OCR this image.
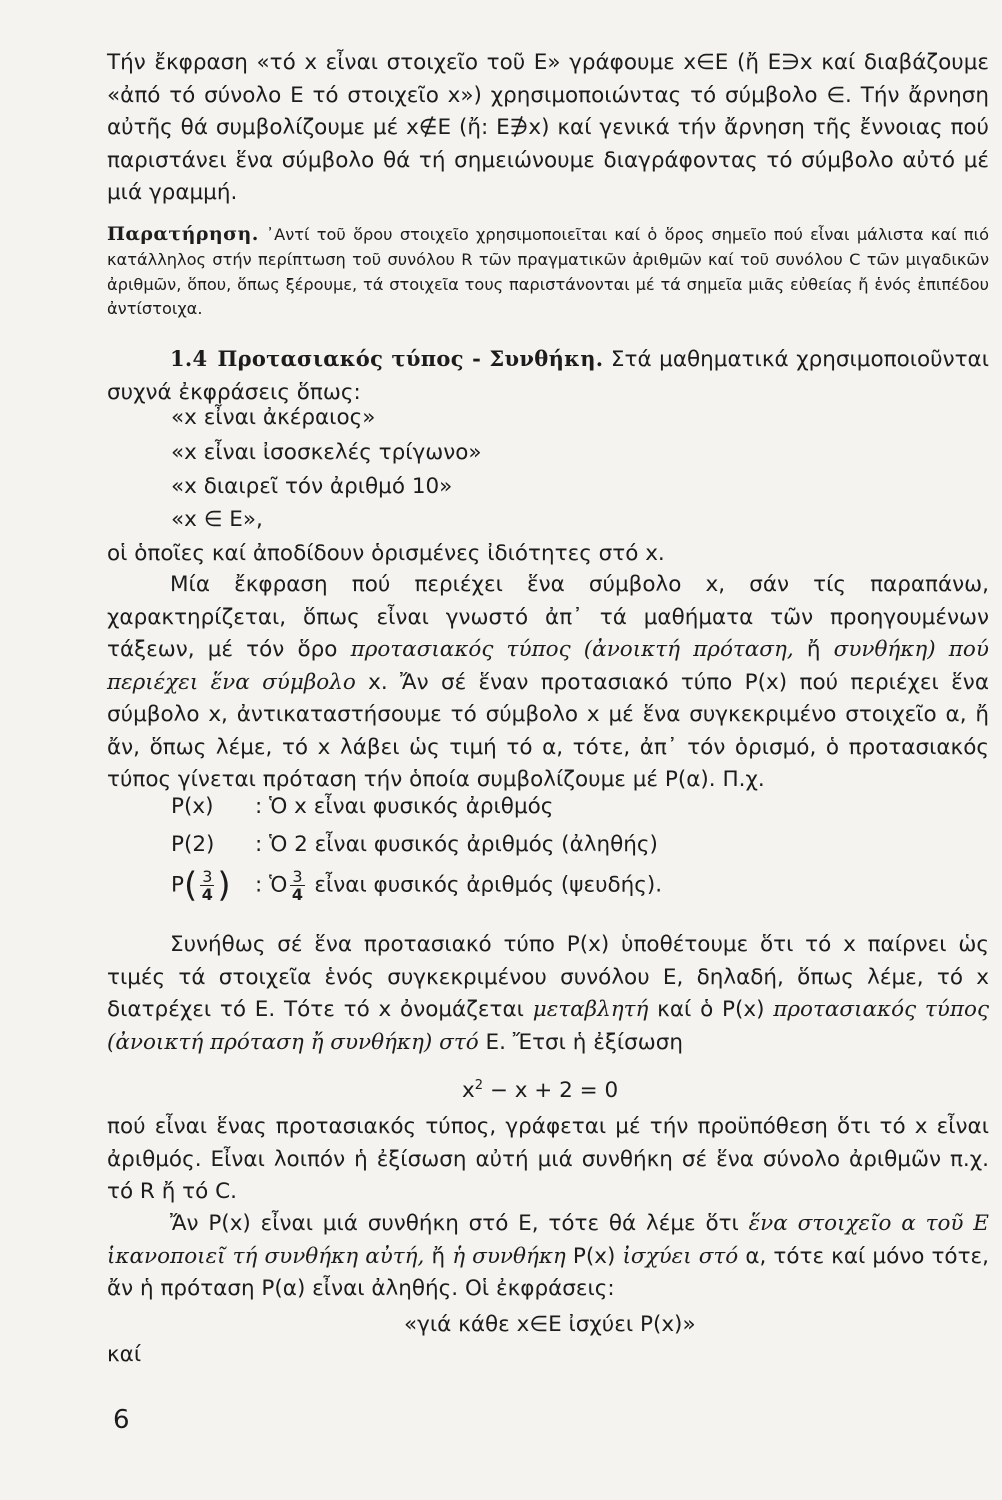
Τήν ἔκφραση «τό x εἶναι στοιχεῖο τοῦ Ε» γράφουμε x∈E (ἤ E∋x καί διαβάζουμε «ἀπό τό σύνολο Ε τό στοιχεῖο x») χρησιμοποιώντας τό σύμβολο ∈. Τήν ἄρνηση αὐτῆς θά συμβολίζουμε μέ x∉E (ἤ: E∌x) καί γενικά τήν ἄρνηση τῆς ἔννοιας πού παριστάνει ἕνα σύμβολο θά τή σημειώνουμε διαγράφοντας τό σύμβολο αὐτό μέ μιά γραμμή.

Παρατήρηση. ᾿Αντί τοῦ ὅρου στοιχεῖο χρησιμοποιεῖται καί ὁ ὅρος σημεῖο πού εἶναι μάλιστα καί πιό κατάλληλος στήν περίπτωση τοῦ συνόλου R τῶν πραγματικῶν ἀριθμῶν καί τοῦ συνόλου C τῶν μιγαδικῶν ἀριθμῶν, ὅπου, ὅπως ξέρουμε, τά στοιχεῖα τους παριστάνονται μέ τά σημεῖα μιᾶς εὐθείας ἤ ἑνός ἐπιπέδου ἀντίστοιχα.

1.4 Προτασιακός τύπος - Συνθήκη. Στά μαθηματικά χρησιμοποιοῦνται συχνά ἐκφράσεις ὅπως:

«x εἶναι ἀκέραιος»

«x εἶναι ἰσοσκελές τρίγωνο»

«x διαιρεῖ τόν ἀριθμό 10»

«x ∈ E»,

οἱ ὁποῖες καί ἀποδίδουν ὁρισμένες ἰδιότητες στό x.

Μία ἔκφραση πού περιέχει ἕνα σύμβολο x, σάν τίς παραπάνω, χαρακτηρίζεται, ὅπως εἶναι γνωστό ἀπ᾿ τά μαθήματα τῶν προηγουμένων τάξεων, μέ τόν ὅρο προτασιακός τύπος (ἀνοικτή πρόταση, ἤ συνθήκη) πού περιέχει ἕνα σύμβολο x. Ἄν σέ ἕναν προτασιακό τύπο P(x) πού περιέχει ἕνα σύμβολο x, ἀντικαταστήσουμε τό σύμβολο x μέ ἕνα συγκεκριμένο στοιχεῖο α, ἤ ἄν, ὅπως λέμε, τό x λάβει ὡς τιμή τό α, τότε, ἀπ᾿ τόν ὁρισμό, ὁ προτασιακός τύπος γίνεται πρόταση τήν ὁποία συμβολίζουμε μέ P(α). Π.χ.

P(x) : Ὁ x εἶναι φυσικός ἀριθμός

P(2) : Ὁ 2 εἶναι φυσικός ἀριθμός (ἀληθής)

$P( \frac{3}{4}$ ) : Ὁ $\frac{3}{4}$ εἶναι φυσικός ἀριθμός (ψευδής).

Συνήθως σέ ἕνα προτασιακό τύπο P(x) ὑποθέτουμε ὅτι τό x παίρνει ὡς τιμές τά στοιχεῖα ἑνός συγκεκριμένου συνόλου Ε, δηλαδή, ὅπως λέμε, τό x διατρέχει τό Ε. Τότε τό x ὀνομάζεται μεταβλητή καί ὁ P(x) προτασιακός τύπος (ἀνοικτή πρόταση ἤ συνθήκη) στό Ε. Ἔτσι ἡ ἐξίσωση

$x^2 - x + 2 = 0$

πού εἶναι ἕνας προτασιακός τύπος, γράφεται μέ τήν προϋπόθεση ὅτι τό x εἶναι ἀριθμός. Εἶναι λοιπόν ἡ ἐξίσωση αὐτή μιά συνθήκη σέ ἕνα σύνολο ἀριθμῶν π.χ. τό R ἤ τό C.

Ἄν P(x) εἶναι μιά συνθήκη στό Ε, τότε θά λέμε ὅτι ἕνα στοιχεῖο α τοῦ Ε ἱκανοποιεῖ τή συνθήκη αὐτή, ἤ ἡ συνθήκη P(x) ἰσχύει στό α, τότε καί μόνο τότε, ἄν ἡ πρόταση P(α) εἶναι ἀληθής. Οἱ ἐκφράσεις:

«γιά κάθε x∈E ἰσχύει P(x)»

καί

6
